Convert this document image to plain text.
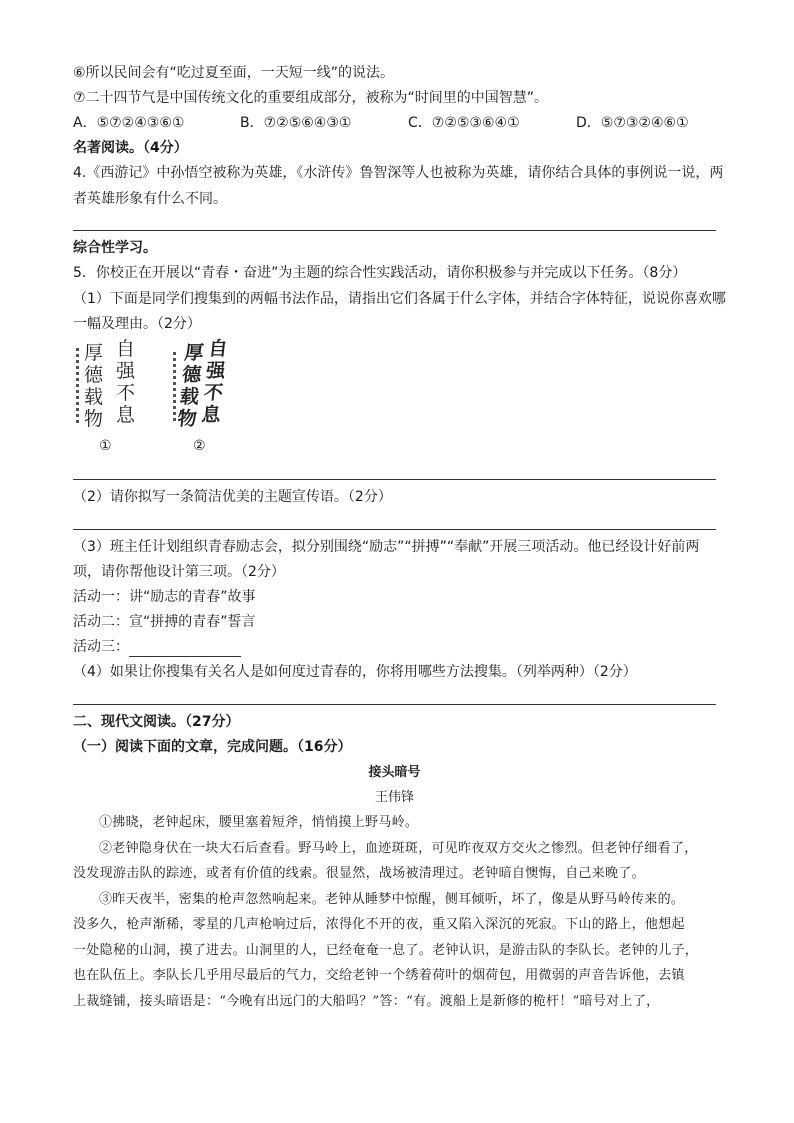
⑥所以民间会有“吃过夏至面，一天短一线”的说法。
⑦二十四节气是中国传统文化的重要组成部分，被称为“时间里的中国智慧”。
A．⑤⑦②④③⑥①	B．⑦②⑤⑥④③①	C．⑦②⑤③⑥④①	D．⑤⑦③②④⑥①
名著阅读。（4分）
4.《西游记》中孙悟空被称为英雄，《水浒传》鲁智深等人也被称为英雄，请你结合具体的事例说一说，两
者英雄形象有什么不同。
综合性学习。
5．你校正在开展以“青春・奋进”为主题的综合性实践活动，请你积极参与并完成以下任务。（8分）
（1）下面是同学们搜集到的两幅书法作品，请指出它们各属于什么字体，并结合字体特征，说说你喜欢哪
一幅及理由。（2分）
厚
德
载
物
自
强
不
息
①
厚
德
载
物
自
强
不
息
②
（2）请你拟写一条简洁优美的主题宣传语。（2分）
（3）班主任计划组织青春励志会，拟分别围绕“励志”“拼搏”“奉献”开展三项活动。他已经设计好前两
项，请你帮他设计第三项。（2分）
活动一：讲“励志的青春”故事
活动二：宣“拼搏的青春”誓言
活动三：
（4）如果让你搜集有关名人是如何度过青春的，你将用哪些方法搜集。（列举两种）（2分）
二、现代文阅读。（27分）
（一）阅读下面的文章，完成问题。（16分）
接头暗号
王伟锋
①拂晓，老钟起床，腰里塞着短斧，悄悄摸上野马岭。
②老钟隐身伏在一块大石后查看。野马岭上，血迹斑斑，可见昨夜双方交火之惨烈。但老钟仔细看了，
没发现游击队的踪迹，或者有价值的线索。很显然，战场被清理过。老钟暗自懊悔，自己来晚了。
③昨天夜半，密集的枪声忽然响起来。老钟从睡梦中惊醒，侧耳倾听，坏了，像是从野马岭传来的。
没多久，枪声渐稀，零星的几声枪响过后，浓得化不开的夜，重又陷入深沉的死寂。下山的路上，他想起
一处隐秘的山洞，摸了进去。山洞里的人，已经奄奄一息了。老钟认识，是游击队的李队长。老钟的儿子，
也在队伍上。李队长几乎用尽最后的气力，交给老钟一个绣着荷叶的烟荷包，用微弱的声音告诉他，去镇
上裁缝铺，接头暗语是：“今晚有出远门的大船吗？”答：“有。渡船上是新修的桅杆！”暗号对上了，
